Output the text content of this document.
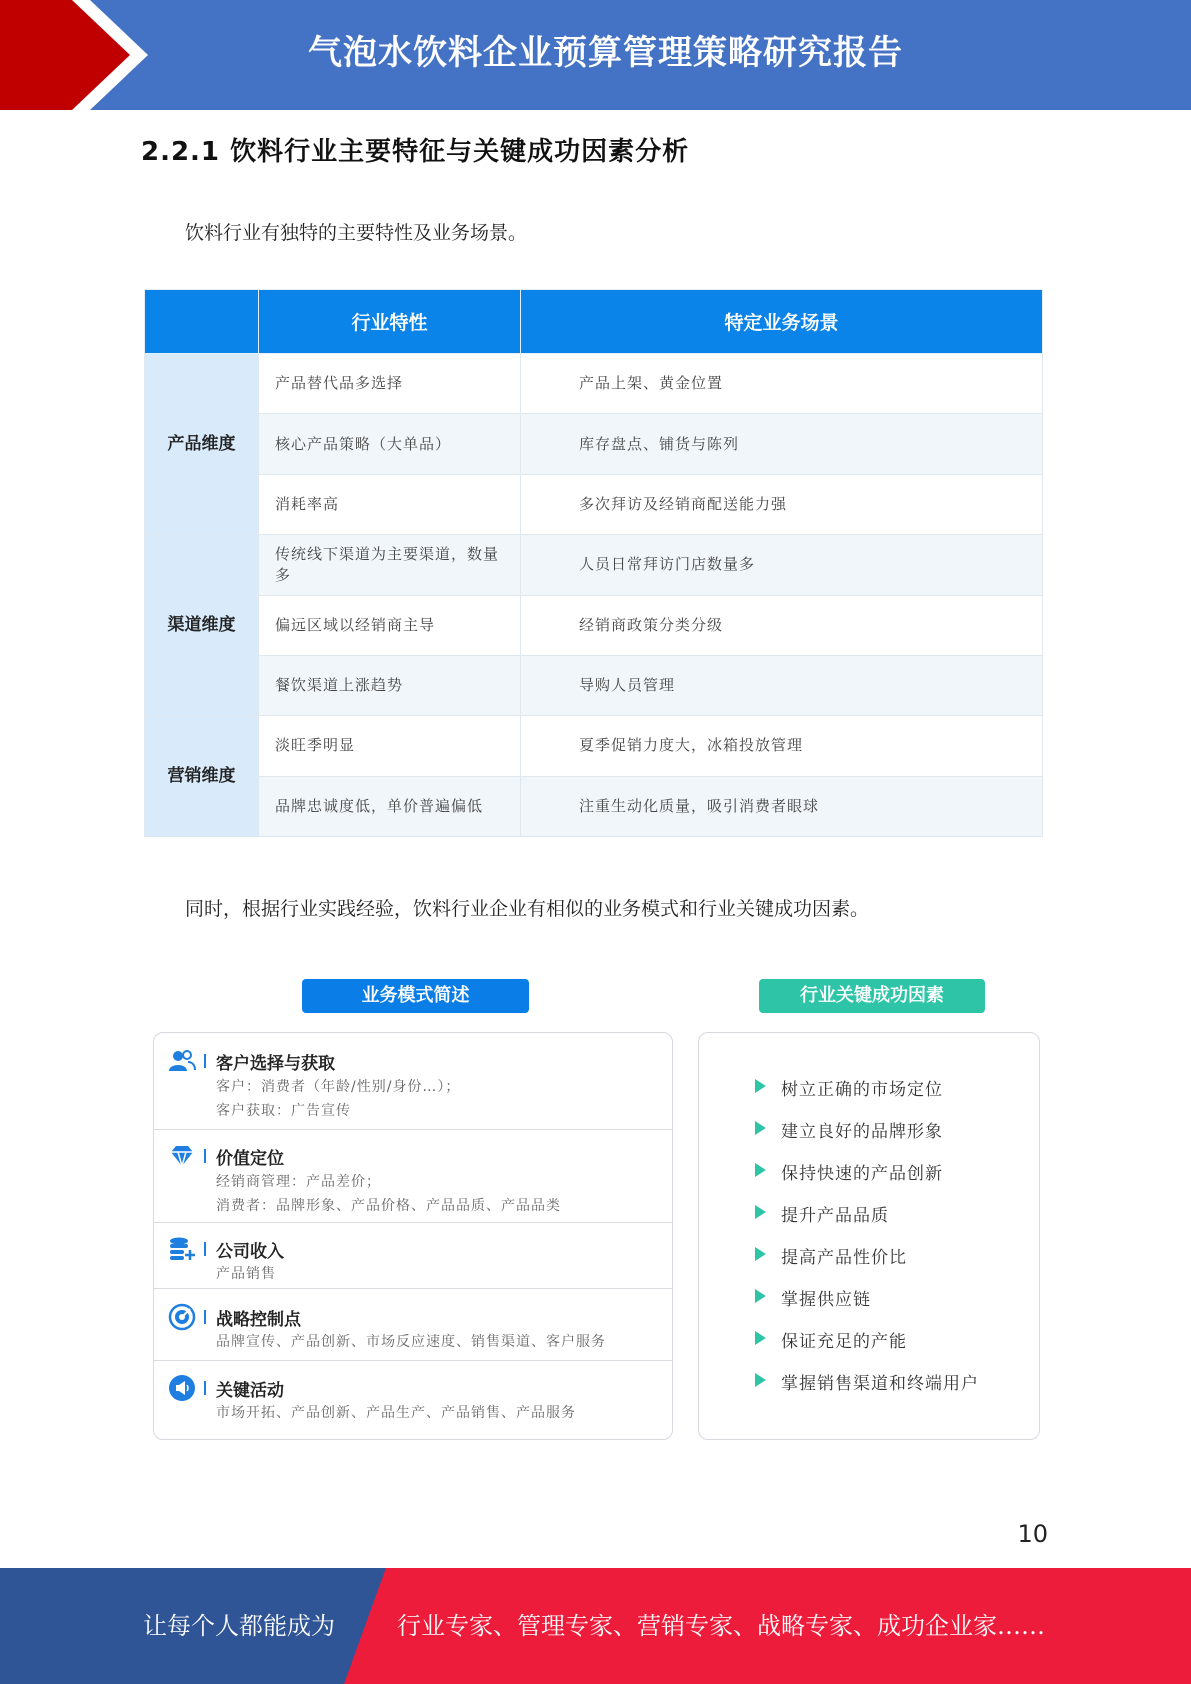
气泡水饮料企业预算管理策略研究报告
2.2.1 饮料行业主要特征与关键成功因素分析
饮料行业有独特的主要特性及业务场景。
	行业特性	特定业务场景
产品维度	产品替代品多选择	产品上架、黄金位置
	核心产品策略（大单品）	库存盘点、铺货与陈列
	消耗率高	多次拜访及经销商配送能力强
渠道维度	传统线下渠道为主要渠道，数量多	人员日常拜访门店数量多
	偏远区域以经销商主导	经销商政策分类分级
	餐饮渠道上涨趋势	导购人员管理
营销维度	淡旺季明显	夏季促销力度大，冰箱投放管理
	品牌忠诚度低，单价普遍偏低	注重生动化质量，吸引消费者眼球
同时，根据行业实践经验，饮料行业企业有相似的业务模式和行业关键成功因素。
业务模式简述	行业关键成功因素
客户选择与获取
客户：消费者（年龄/性别/身份…）；
客户获取：广告宣传
价值定位
经销商管理：产品差价；
消费者：品牌形象、产品价格、产品品质、产品品类
公司收入
产品销售
战略控制点
品牌宣传、产品创新、市场反应速度、销售渠道、客户服务
关键活动
市场开拓、产品创新、产品生产、产品销售、产品服务
树立正确的市场定位
建立良好的品牌形象
保持快速的产品创新
提升产品品质
提高产品性价比
掌握供应链
保证充足的产能
掌握销售渠道和终端用户
10
让每个人都能成为	行业专家、管理专家、营销专家、战略专家、成功企业家……
